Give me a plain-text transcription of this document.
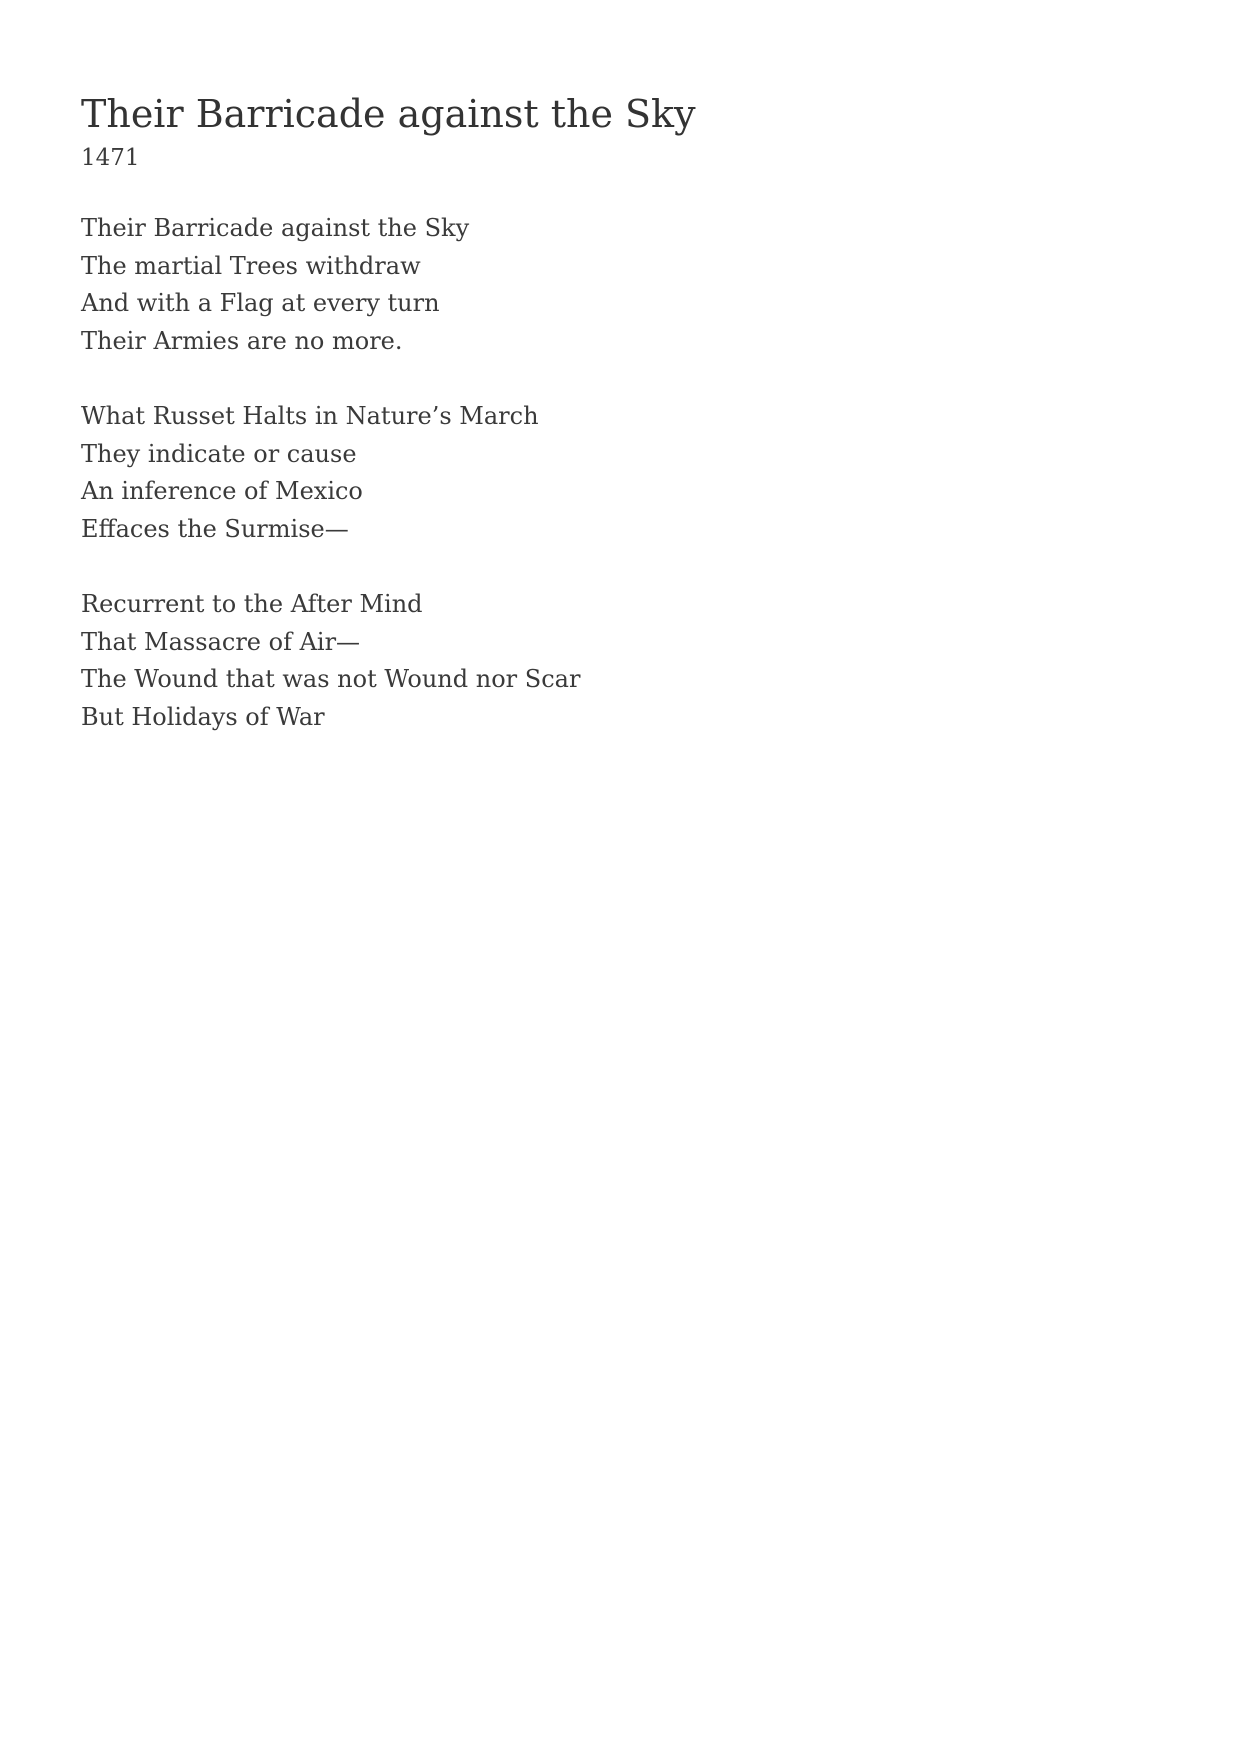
Their Barricade against the Sky

1471

Their Barricade against the Sky
The martial Trees withdraw
And with a Flag at every turn
Their Armies are no more.

What Russet Halts in Nature’s March
They indicate or cause
An inference of Mexico
Effaces the Surmise—

Recurrent to the After Mind
That Massacre of Air—
The Wound that was not Wound nor Scar
But Holidays of War
